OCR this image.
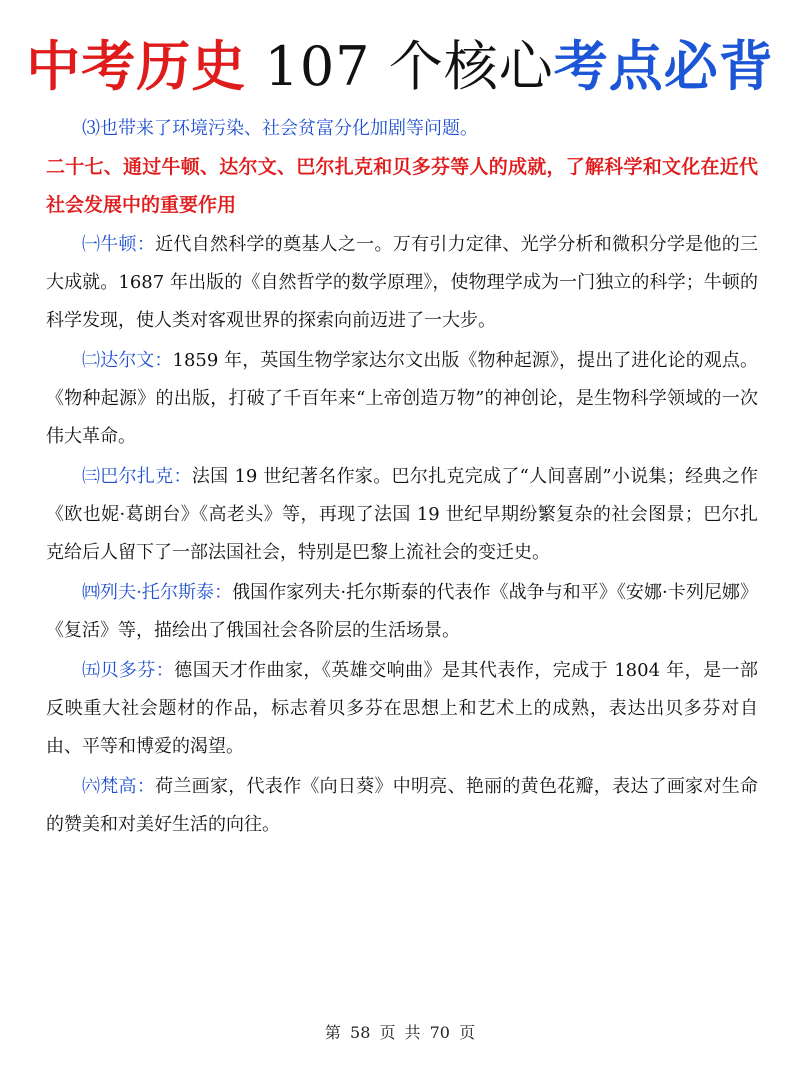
中考历史 107 个核心考点必背

⑶也带来了环境污染、社会贫富分化加剧等问题。

二十七、通过牛顿、达尔文、巴尔扎克和贝多芬等人的成就，了解科学和文化在近代社会发展中的重要作用

㈠牛顿：近代自然科学的奠基人之一。万有引力定律、光学分析和微积分学是他的三大成就。1687 年出版的《自然哲学的数学原理》，使物理学成为一门独立的科学；牛顿的科学发现，使人类对客观世界的探索向前迈进了一大步。

㈡达尔文：1859 年，英国生物学家达尔文出版《物种起源》，提出了进化论的观点。《物种起源》的出版，打破了千百年来“上帝创造万物”的神创论，是生物科学领域的一次伟大革命。

㈢巴尔扎克：法国 19 世纪著名作家。巴尔扎克完成了“人间喜剧”小说集；经典之作《欧也妮·葛朗台》《高老头》等，再现了法国 19 世纪早期纷繁复杂的社会图景；巴尔扎克给后人留下了一部法国社会，特别是巴黎上流社会的变迁史。

㈣列夫·托尔斯泰：俄国作家列夫·托尔斯泰的代表作《战争与和平》《安娜·卡列尼娜》《复活》等，描绘出了俄国社会各阶层的生活场景。

㈤贝多芬：德国天才作曲家，《英雄交响曲》是其代表作，完成于 1804 年，是一部反映重大社会题材的作品，标志着贝多芬在思想上和艺术上的成熟，表达出贝多芬对自由、平等和博爱的渴望。

㈥梵高：荷兰画家，代表作《向日葵》中明亮、艳丽的黄色花瓣，表达了画家对生命的赞美和对美好生活的向往。

第 58 页 共 70 页
